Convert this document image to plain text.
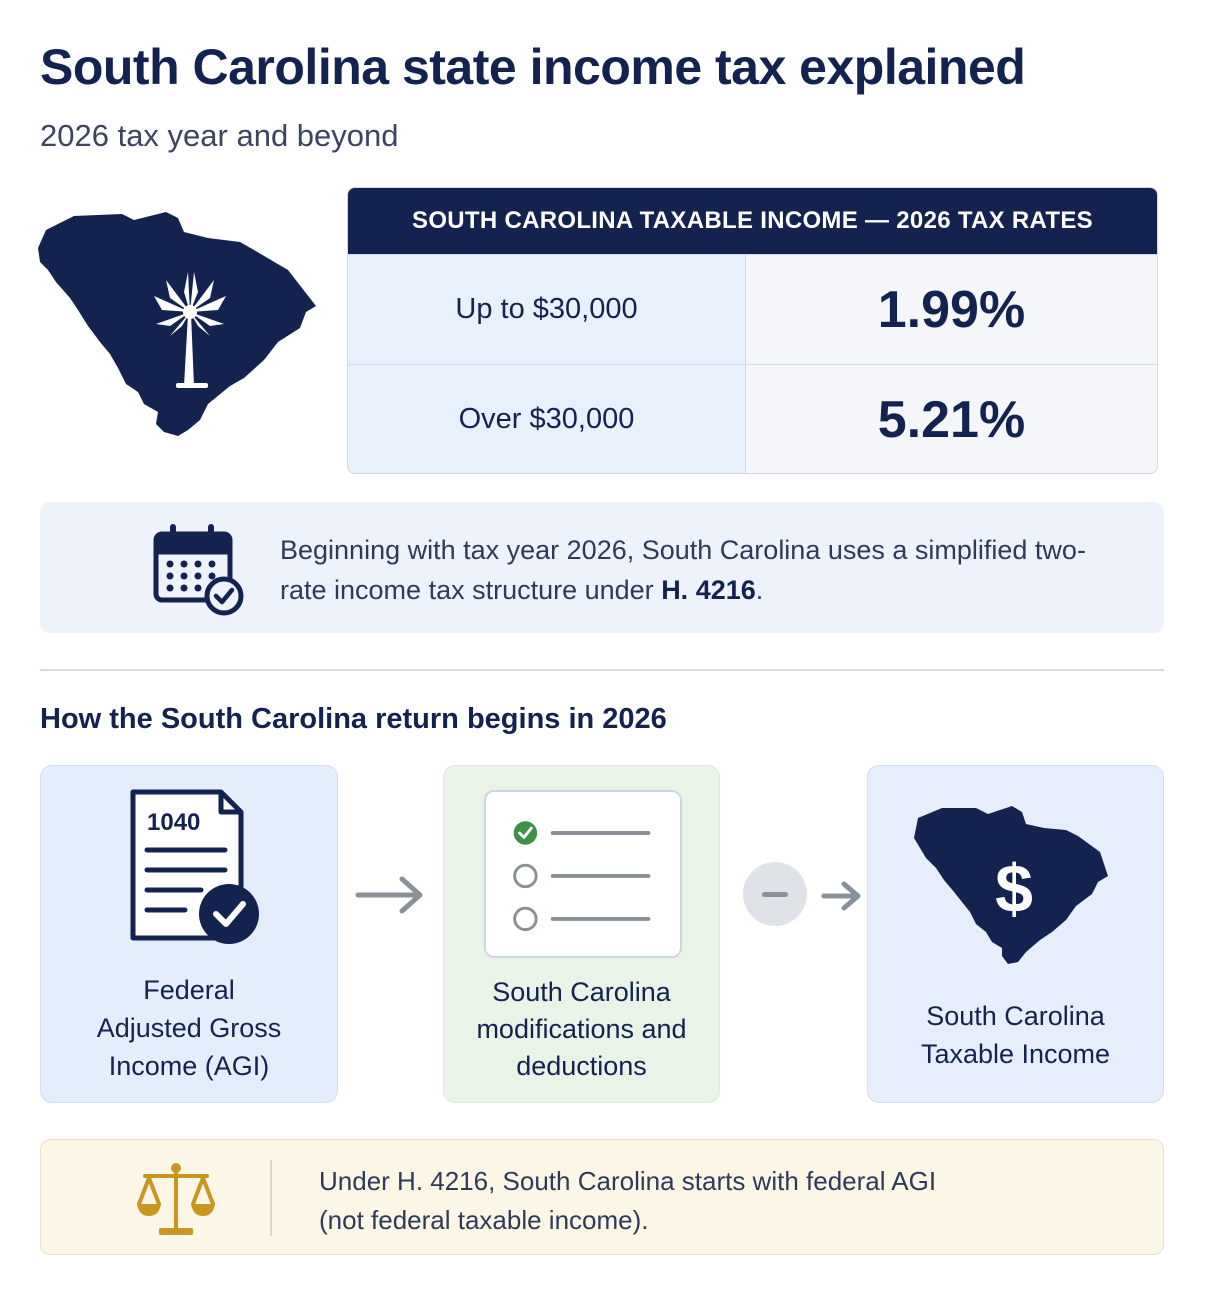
South Carolina state income tax explained
2026 tax year and beyond
SOUTH CAROLINA TAXABLE INCOME — 2026 TAX RATES
Up to $30,000	1.99%
Over $30,000	5.21%
Beginning with tax year 2026, South Carolina uses a simplified two-rate income tax structure under H. 4216.
How the South Carolina return begins in 2026
1040
Federal
Adjusted Gross
Income (AGI)
South Carolina
modifications and
deductions
$
South Carolina
Taxable Income
Under H. 4216, South Carolina starts with federal AGI
(not federal taxable income).
